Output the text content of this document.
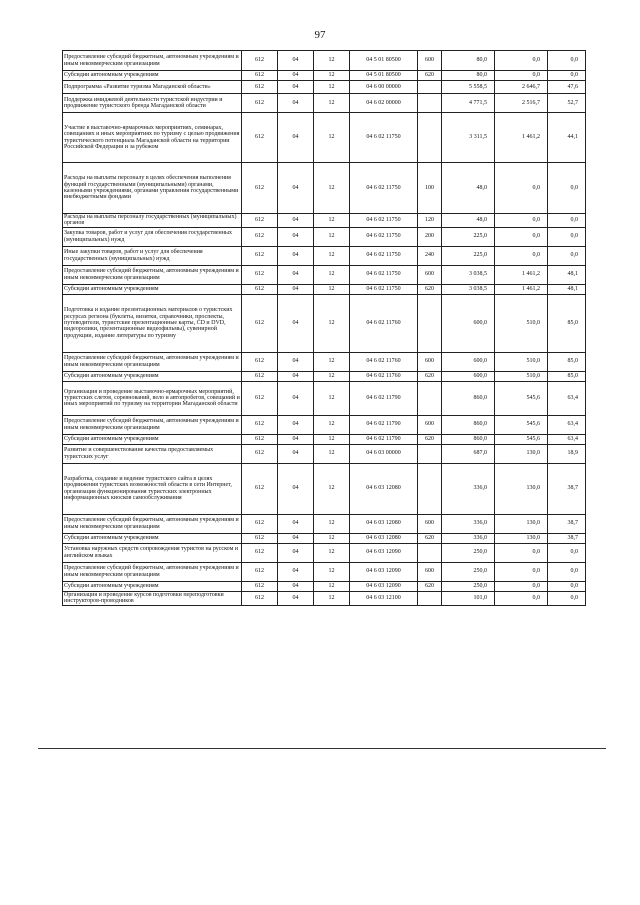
97
Предоставление субсидий бюджетным, автономным учреждениям и иным некоммерческим организациям	612	04	12	04 5 01 80500	600	80,0	0,0	0,0
Субсидии автономным учреждениям	612	04	12	04 5 01 80500	620	80,0	0,0	0,0
Подпрограмма «Развитие туризма Магаданской области»	612	04	12	04 6 00 00000		5 558,5	2 646,7	47,6
Поддержка имиджевой деятельности туристской индустрии и продвижение туристского бренда Магаданской области	612	04	12	04 6 02 00000		4 771,5	2 516,7	52,7
Участие в выставочно-ярмарочных мероприятиях, семинарах, совещаниях и иных мероприятиях по туризму с целью продвижения туристического потенциала Магаданской области на территории Российской Федерации и за рубежом	612	04	12	04 6 02 11750		3 311,5	1 461,2	44,1
Расходы на выплаты персоналу в целях обеспечения выполнения функций государственными (муниципальными) органами, казенными учреждениями, органами управления государственными внебюджетными фондами	612	04	12	04 6 02 11750	100	48,0	0,0	0,0
Расходы на выплаты персоналу государственных (муниципальных) органов	612	04	12	04 6 02 11750	120	48,0	0,0	0,0
Закупка товаров, работ и услуг для обеспечения государственных (муниципальных) нужд	612	04	12	04 6 02 11750	200	225,0	0,0	0,0
Иные закупки товаров, работ и услуг для обеспечения государственных (муниципальных) нужд	612	04	12	04 6 02 11750	240	225,0	0,0	0,0
Предоставление субсидий бюджетным, автономным учреждениям и иным некоммерческим организациям	612	04	12	04 6 02 11750	600	3 038,5	1 461,2	48,1
Субсидии автономным учреждениям	612	04	12	04 6 02 11750	620	3 038,5	1 461,2	48,1
Подготовка и издание презентационных материалов о туристских ресурсах региона (буклеты, визитки, справочники, проспекты, путеводители, туристские презентационные карты, CD и DVD, видеоролики, презентационные видеофильмы), сувенирной продукции, издание литературы по туризму	612	04	12	04 6 02 11760		600,0	510,0	85,0
Предоставление субсидий бюджетным, автономным учреждениям и иным некоммерческим организациям	612	04	12	04 6 02 11760	600	600,0	510,0	85,0
Субсидии автономным учреждениям	612	04	12	04 6 02 11760	620	600,0	510,0	85,0
Организация и проведение выставочно-ярмарочных мероприятий, туристских слетов, соревнований, вело и автопробегов, совещаний и иных мероприятий по туризму на территории Магаданской области	612	04	12	04 6 02 11790		860,0	545,6	63,4
Предоставление субсидий бюджетным, автономным учреждениям и иным некоммерческим организациям	612	04	12	04 6 02 11790	600	860,0	545,6	63,4
Субсидии автономным учреждениям	612	04	12	04 6 02 11790	620	860,0	545,6	63,4
Развитие и совершенствование качества предоставляемых туристских услуг	612	04	12	04 6 03 00000		687,0	130,0	18,9
Разработка, создание и ведение туристского сайта в целях продвижения туристских возможностей области в сети Интернет, организация функционирования туристских электронных информационных киосков самообслуживания	612	04	12	04 6 03 12080		336,0	130,0	38,7
Предоставление субсидий бюджетным, автономным учреждениям и иным некоммерческим организациям	612	04	12	04 6 03 12080	600	336,0	130,0	38,7
Субсидии автономным учреждениям	612	04	12	04 6 03 12080	620	336,0	130,0	38,7
Установка наружных средств сопровождения туристов на русском и английском языках	612	04	12	04 6 03 12090		250,0	0,0	0,0
Предоставление субсидий бюджетным, автономным учреждениям и иным некоммерческим организациям	612	04	12	04 6 03 12090	600	250,0	0,0	0,0
Субсидии автономным учреждениям	612	04	12	04 6 03 12090	620	250,0	0,0	0,0
Организация и проведение курсов подготовки переподготовки инструкторов-проводников	612	04	12	04 6 03 12100		101,0	0,0	0,0
